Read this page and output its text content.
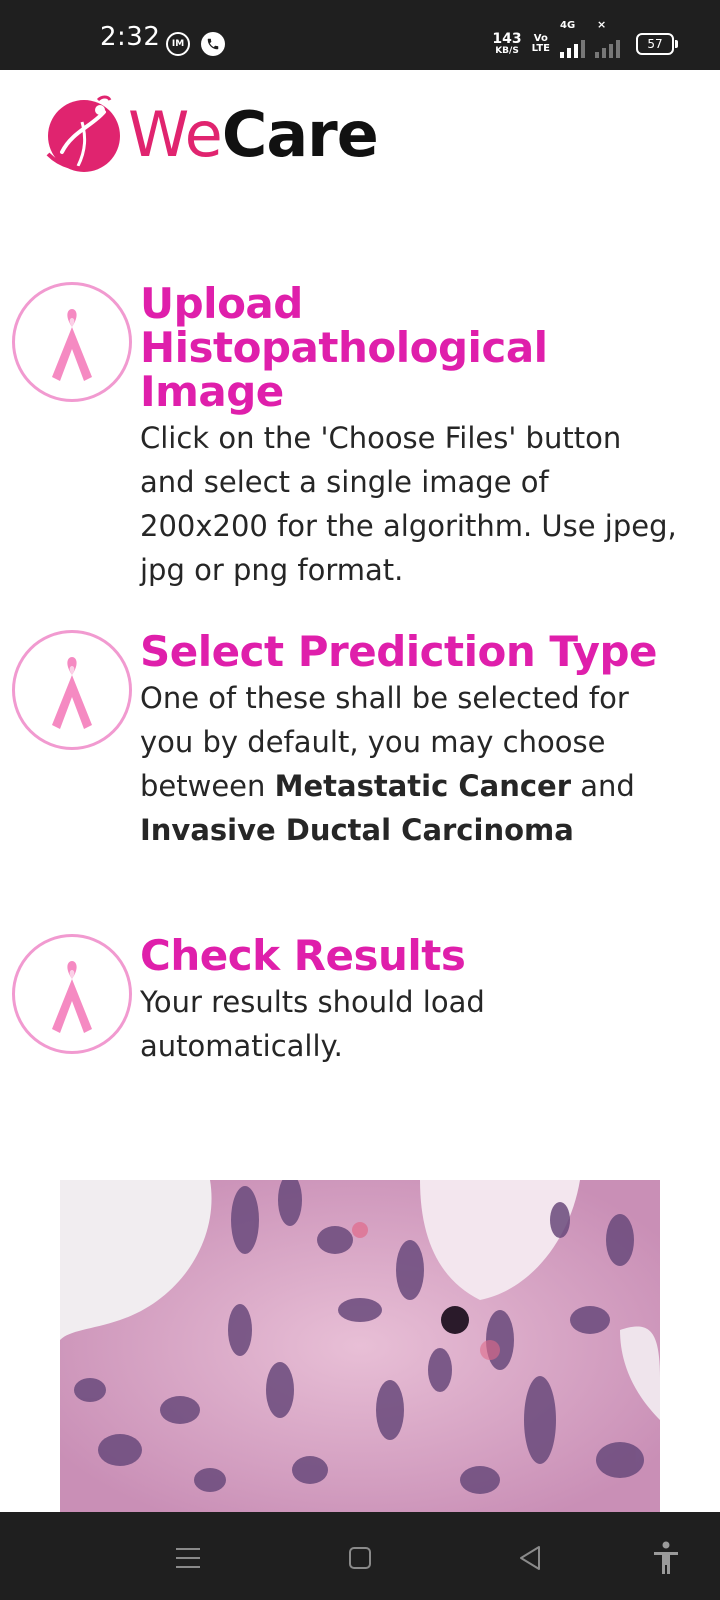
2:32 IM	143
KB/S
Vo
LTE
4G ×
57
WeCare
Upload
Histopathological Image

Click on the 'Choose Files' button and select a single image of 200x200 for the algorithm. Use jpeg, jpg or png format.

Select Prediction Type

One of these shall be selected for you by default, you may choose between Metastatic Cancer and Invasive Ductal Carcinoma

Check Results

Your results should load automatically.
